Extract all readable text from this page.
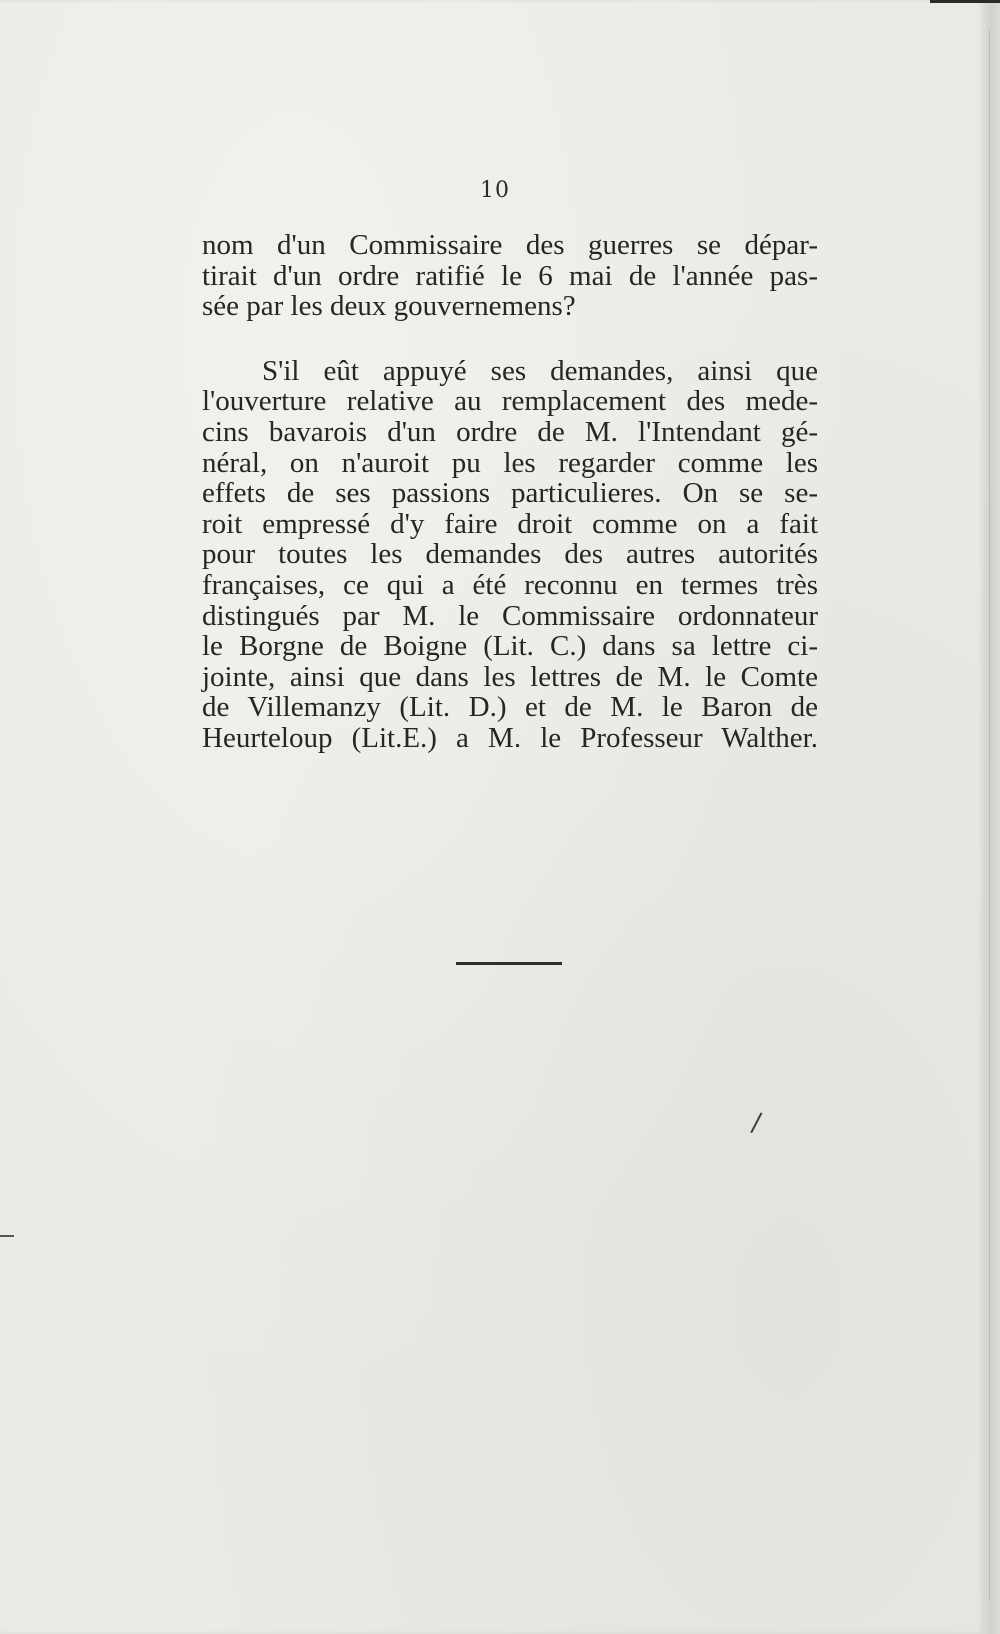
10
nom d'un Commissaire des guerres se dépar-
tirait d'un ordre ratifié le 6 mai de l'année pas-
sée par les deux gouvernemens?
S'il eût appuyé ses demandes, ainsi que
l'ouverture relative au remplacement des mede-
cins bavarois d'un ordre de M. l'Intendant gé-
néral, on n'auroit pu les regarder comme les
effets de ses passions particulieres. On se se-
roit empressé d'y faire droit comme on a fait
pour toutes les demandes des autres autorités
françaises, ce qui a été reconnu en termes très
distingués par M. le Commissaire ordonnateur
le Borgne de Boigne (Lit. C.) dans sa lettre ci-
jointe, ainsi que dans les lettres de M. le Comte
de Villemanzy (Lit. D.) et de M. le Baron de
Heurteloup (Lit.E.) a M. le Professeur Walther.
/
